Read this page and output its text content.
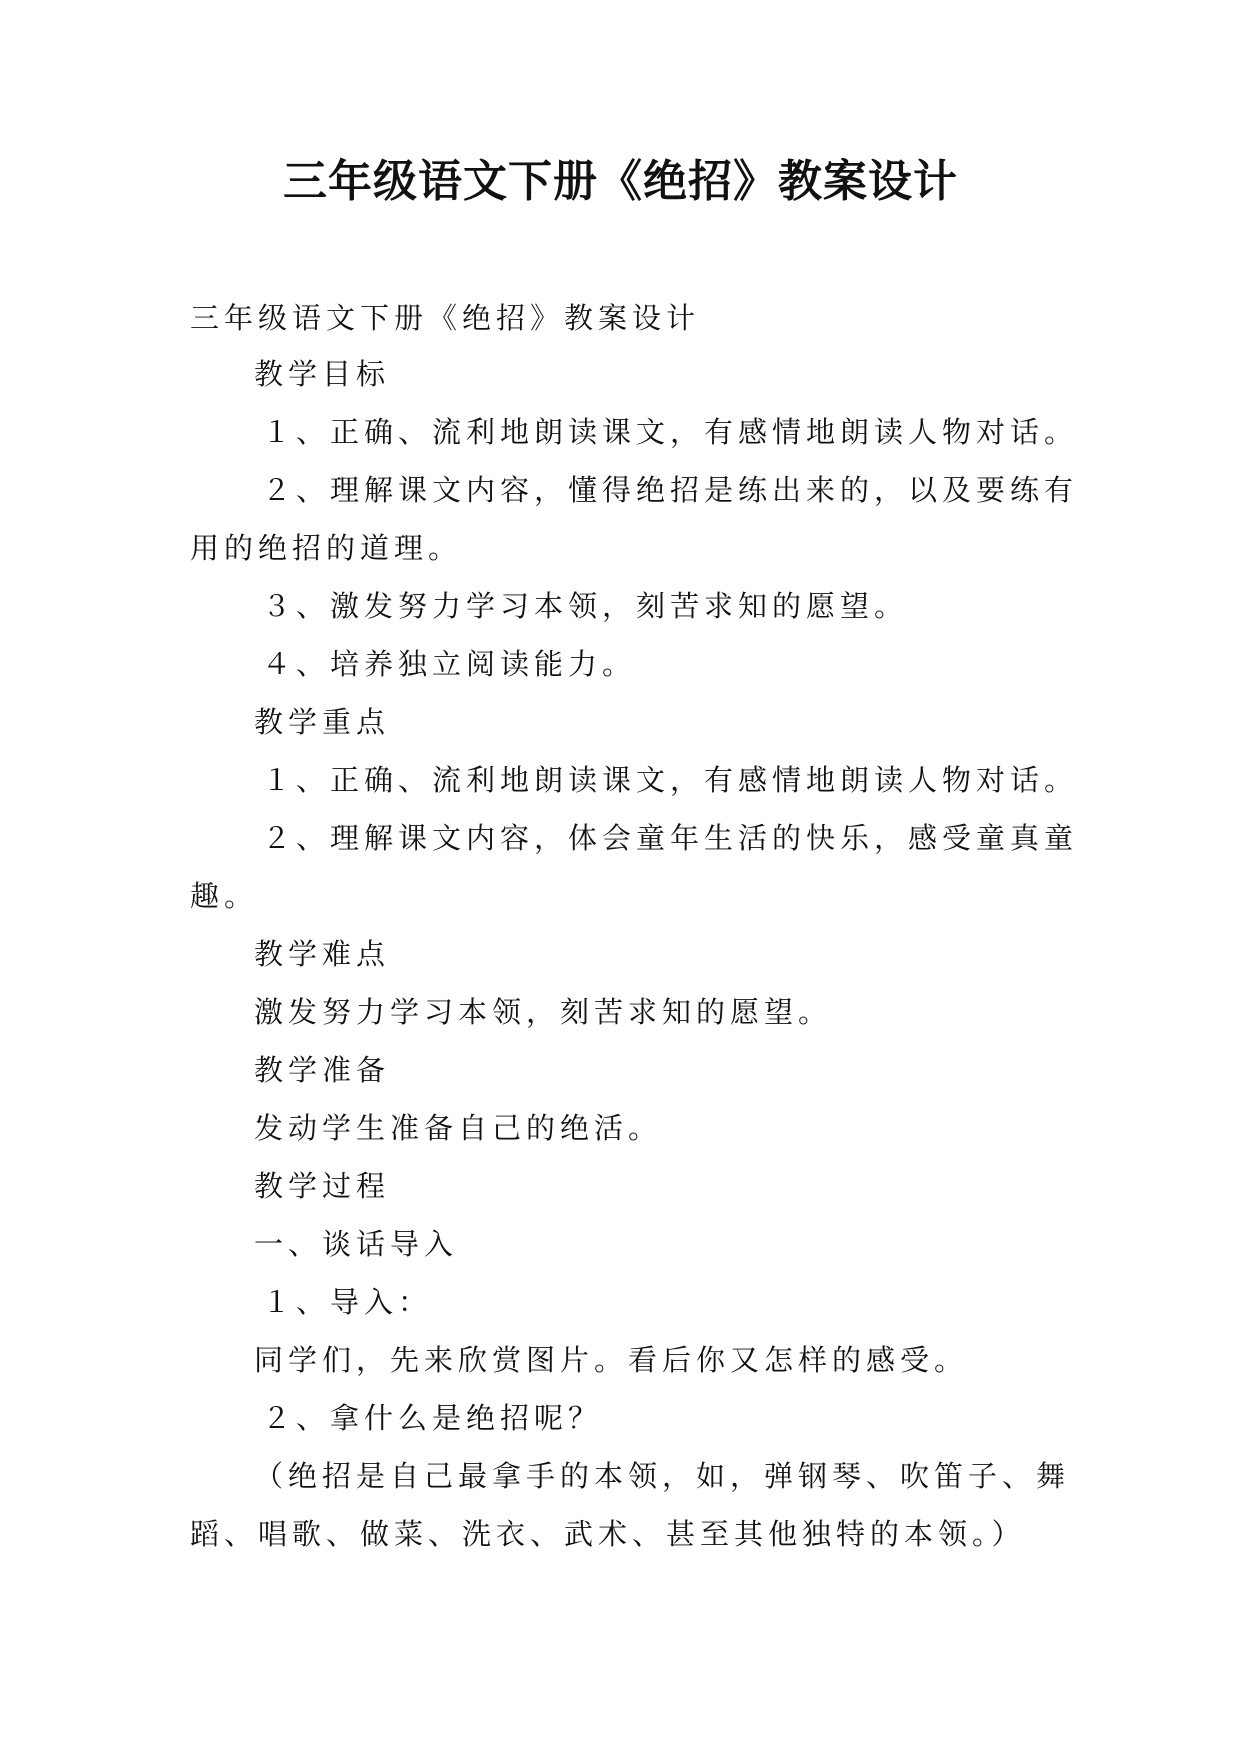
三年级语文下册《绝招》教案设计
三年级语文下册《绝招》教案设计
教学目标
１、正确、流利地朗读课文，有感情地朗读人物对话。
２、理解课文内容，懂得绝招是练出来的，以及要练有
用的绝招的道理。
３、激发努力学习本领，刻苦求知的愿望。
４、培养独立阅读能力。
教学重点
１、正确、流利地朗读课文，有感情地朗读人物对话。
２、理解课文内容，体会童年生活的快乐，感受童真童
趣。
教学难点
激发努力学习本领，刻苦求知的愿望。
教学准备
发动学生准备自己的绝活。
教学过程
一、谈话导入
１、导入：
同学们，先来欣赏图片。看后你又怎样的感受。
２、拿什么是绝招呢？
（绝招是自己最拿手的本领，如，弹钢琴、吹笛子、舞
蹈、唱歌、做菜、洗衣、武术、甚至其他独特的本领。）
